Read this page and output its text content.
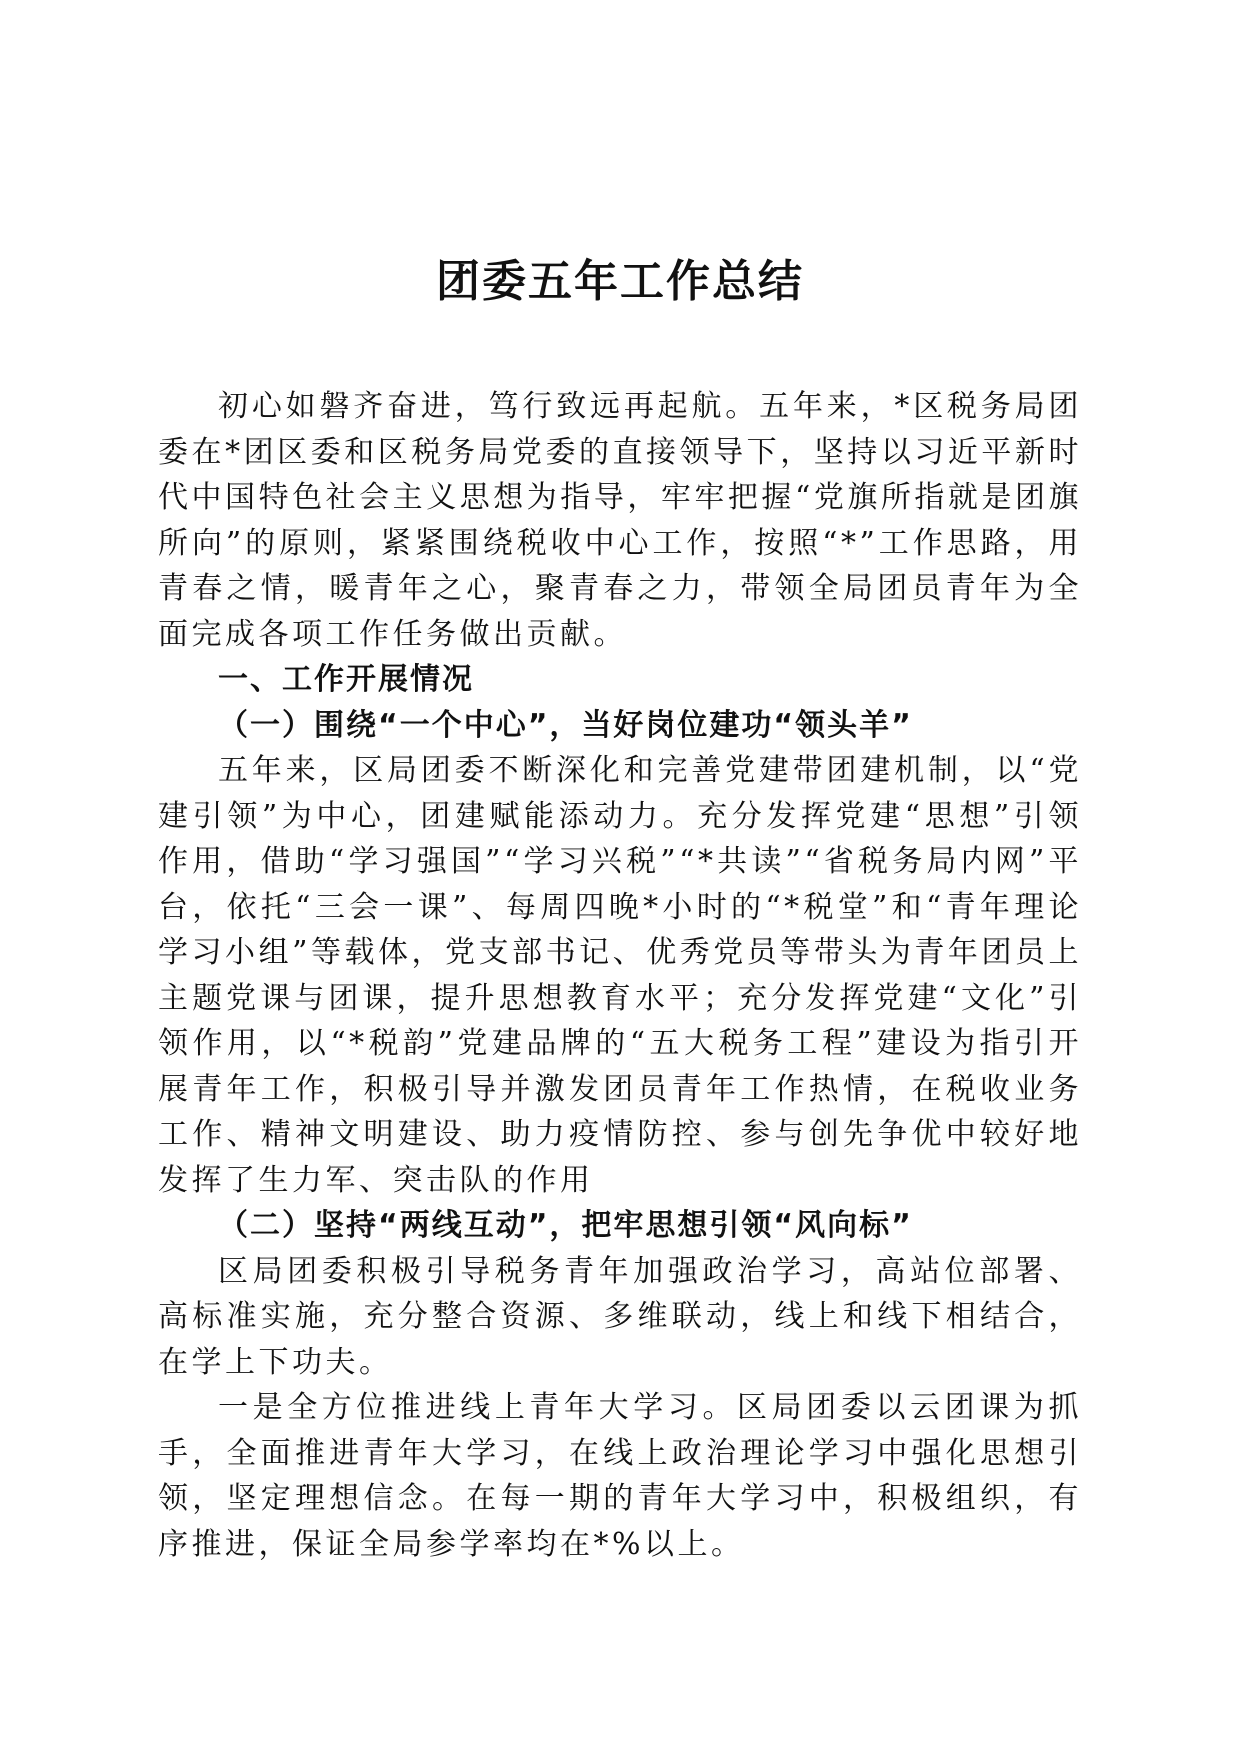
团委五年工作总结

初心如磐齐奋进，笃行致远再起航。五年来，*区税务局团委在*团区委和区税务局党委的直接领导下，坚持以习近平新时代中国特色社会主义思想为指导，牢牢把握“党旗所指就是团旗所向”的原则，紧紧围绕税收中心工作，按照“*”工作思路，用青春之情，暖青年之心，聚青春之力，带领全局团员青年为全面完成各项工作任务做出贡献。

一、工作开展情况

（一）围绕“一个中心”，当好岗位建功“领头羊”

五年来，区局团委不断深化和完善党建带团建机制，以“党建引领”为中心，团建赋能添动力。充分发挥党建“思想”引领作用，借助“学习强国”“学习兴税”“*共读”“省税务局内网”平台，依托“三会一课”、每周四晚*小时的“*税堂”和“青年理论学习小组”等载体，党支部书记、优秀党员等带头为青年团员上主题党课与团课，提升思想教育水平；充分发挥党建“文化”引领作用，以“*税韵”党建品牌的“五大税务工程”建设为指引开展青年工作，积极引导并激发团员青年工作热情，在税收业务工作、精神文明建设、助力疫情防控、参与创先争优中较好地发挥了生力军、突击队的作用

（二）坚持“两线互动”，把牢思想引领“风向标”

区局团委积极引导税务青年加强政治学习，高站位部署、高标准实施，充分整合资源、多维联动，线上和线下相结合，在学上下功夫。

一是全方位推进线上青年大学习。区局团委以云团课为抓手，全面推进青年大学习，在线上政治理论学习中强化思想引领，坚定理想信念。在每一期的青年大学习中，积极组织，有序推进，保证全局参学率均在*%以上。
